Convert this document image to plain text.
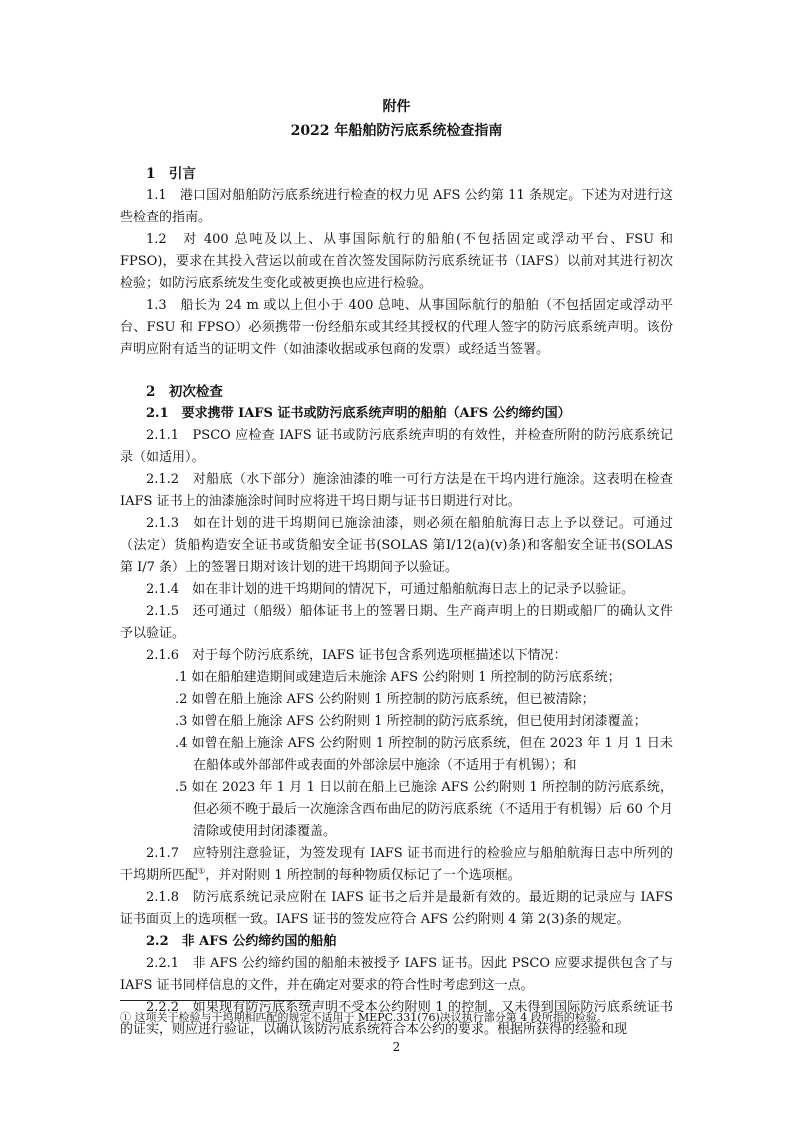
附件

2022 年船舶防污底系统检查指南

1　引言

1.1　港口国对船舶防污底系统进行检查的权力见 AFS 公约第 11 条规定。下述为对进行这些检查的指南。

1.2　对 400 总吨及以上、从事国际航行的船舶(不包括固定或浮动平台、FSU 和 FPSO)，要求在其投入营运以前或在首次签发国际防污底系统证书（IAFS）以前对其进行初次检验；如防污底系统发生变化或被更换也应进行检验。

1.3　船长为 24 m 或以上但小于 400 总吨、从事国际航行的船舶（不包括固定或浮动平台、FSU 和 FPSO）必须携带一份经船东或其经其授权的代理人签字的防污底系统声明。该份声明应附有适当的证明文件（如油漆收据或承包商的发票）或经适当签署。

2　初次检查

2.1　要求携带 IAFS 证书或防污底系统声明的船舶（AFS 公约缔约国）

2.1.1　PSCO 应检查 IAFS 证书或防污底系统声明的有效性，并检查所附的防污底系统记录（如适用）。

2.1.2　对船底（水下部分）施涂油漆的唯一可行方法是在干坞内进行施涂。这表明在检查 IAFS 证书上的油漆施涂时间时应将进干坞日期与证书日期进行对比。

2.1.3　如在计划的进干坞期间已施涂油漆，则必须在船舶航海日志上予以登记。可通过（法定）货船构造安全证书或货船安全证书(SOLAS 第I/12(a)(v)条)和客船安全证书(SOLAS 第 I/7 条）上的签署日期对该计划的进干坞期间予以验证。

2.1.4　如在非计划的进干坞期间的情况下，可通过船舶航海日志上的记录予以验证。

2.1.5　还可通过（船级）船体证书上的签署日期、生产商声明上的日期或船厂的确认文件予以验证。

2.1.6　对于每个防污底系统，IAFS 证书包含系列选项框描述以下情况：

.1 如在船舶建造期间或建造后未施涂 AFS 公约附则 1 所控制的防污底系统；

.2 如曾在船上施涂 AFS 公约附则 1 所控制的防污底系统，但已被清除；

.3 如曾在船上施涂 AFS 公约附则 1 所控制的防污底系统，但已使用封闭漆覆盖；

.4 如曾在船上施涂 AFS 公约附则 1 所控制的防污底系统，但在 2023 年 1 月 1 日未在船体或外部部件或表面的外部涂层中施涂（不适用于有机锡）；和

.5 如在 2023 年 1 月 1 日以前在船上已施涂 AFS 公约附则 1 所控制的防污底系统，但必须不晚于最后一次施涂含西布曲尼的防污底系统（不适用于有机锡）后 60 个月清除或使用封闭漆覆盖。

2.1.7　应特别注意验证，为签发现有 IAFS 证书而进行的检验应与船舶航海日志中所列的干坞期所匹配①，并对附则 1 所控制的每种物质仅标记了一个选项框。

2.1.8　防污底系统记录应附在 IAFS 证书之后并是最新有效的。最近期的记录应与 IAFS 证书面页上的选项框一致。IAFS 证书的签发应符合 AFS 公约附则 4 第 2(3)条的规定。

2.2　非 AFS 公约缔约国的船舶

2.2.1　非 AFS 公约缔约国的船舶未被授予 IAFS 证书。因此 PSCO 应要求提供包含了与 IAFS 证书同样信息的文件，并在确定对要求的符合性时考虑到这一点。

2.2.2　如果现有防污底系统声明不受本公约附则 1 的控制，又未得到国际防污底系统证书的证实，则应进行验证，以确认该防污底系统符合本公约的要求。根据所获得的经验和现

① 这项关于检验与干坞期相匹配的规定不适用于 MEPC.331(76)决议执行部分第 4 段所指的检验。
2
